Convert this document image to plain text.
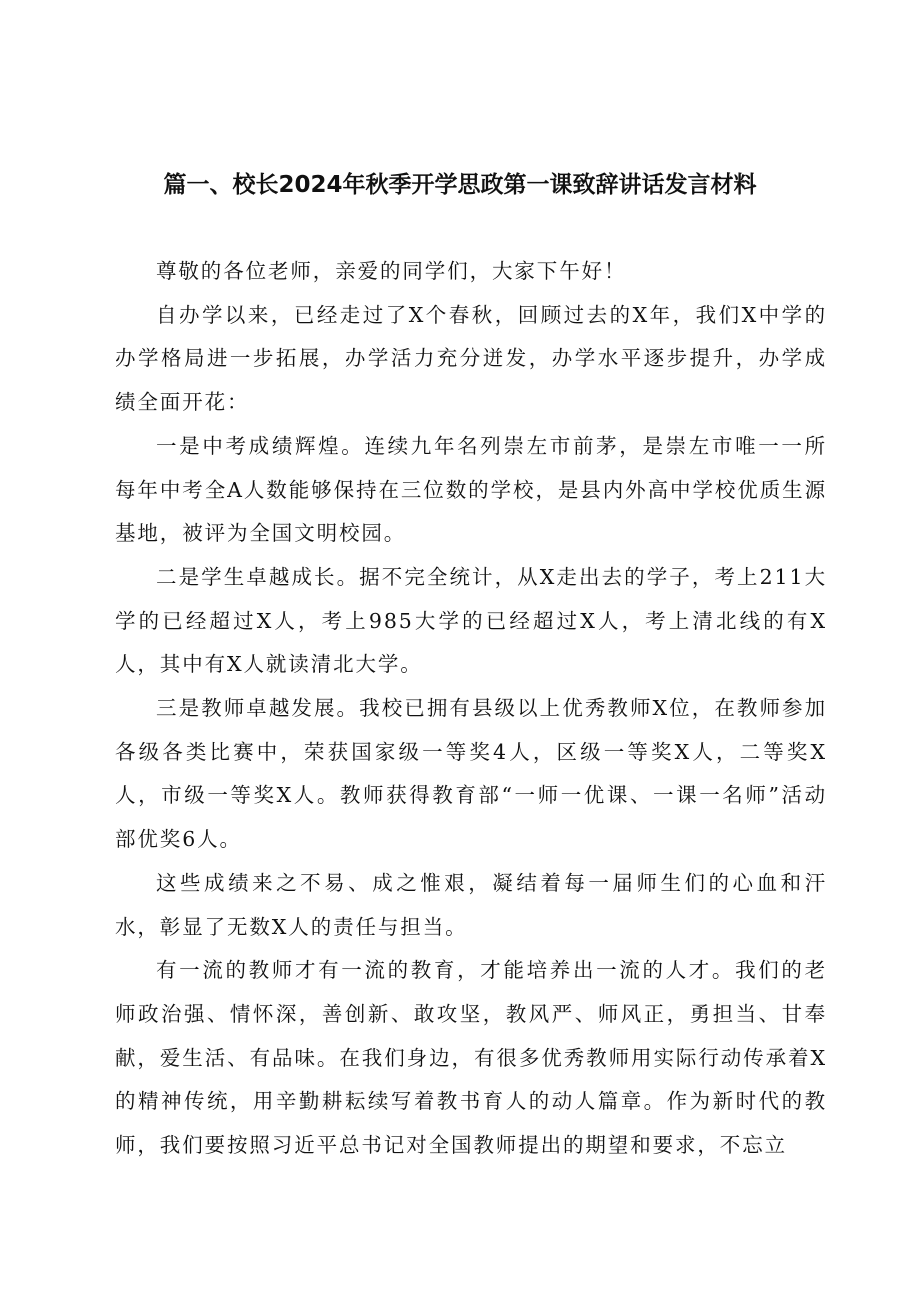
篇一、校长2024年秋季开学思政第一课致辞讲话发言材料

尊敬的各位老师，亲爱的同学们，大家下午好！

自办学以来，已经走过了X个春秋，回顾过去的X年，我们X中学的办学格局进一步拓展，办学活力充分迸发，办学水平逐步提升，办学成绩全面开花：

一是中考成绩辉煌。连续九年名列崇左市前茅，是崇左市唯一一所每年中考全A人数能够保持在三位数的学校，是县内外高中学校优质生源基地，被评为全国文明校园。

二是学生卓越成长。据不完全统计，从X走出去的学子，考上211大学的已经超过X人，考上985大学的已经超过X人，考上清北线的有X人，其中有X人就读清北大学。

三是教师卓越发展。我校已拥有县级以上优秀教师X位，在教师参加各级各类比赛中，荣获国家级一等奖4人，区级一等奖X人，二等奖X人，市级一等奖X人。教师获得教育部“一师一优课、一课一名师”活动部优奖6人。

这些成绩来之不易、成之惟艰，凝结着每一届师生们的心血和汗水，彰显了无数X人的责任与担当。

有一流的教师才有一流的教育，才能培养出一流的人才。我们的老师政治强、情怀深，善创新、敢攻坚，教风严、师风正，勇担当、甘奉献，爱生活、有品味。在我们身边，有很多优秀教师用实际行动传承着X的精神传统，用辛勤耕耘续写着教书育人的动人篇章。作为新时代的教师，我们要按照习近平总书记对全国教师提出的期望和要求，不忘立
